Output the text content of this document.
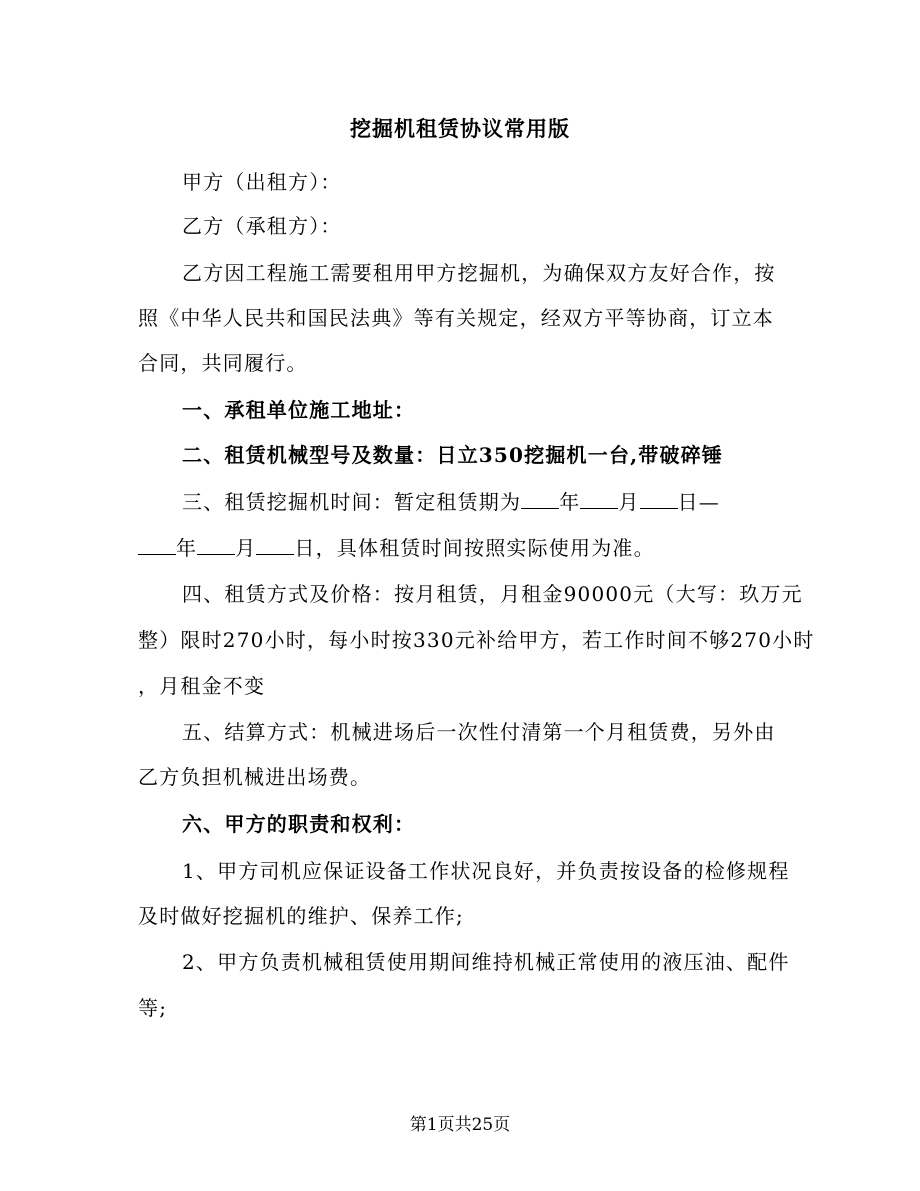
挖掘机租赁协议常用版
甲方（出租方）：
乙方（承租方）：
乙方因工程施工需要租用甲方挖掘机，为确保双方友好合作，按
照《中华人民共和国民法典》等有关规定，经双方平等协商，订立本
合同，共同履行。
一、承租单位施工地址：
二、租赁机械型号及数量：日立350挖掘机一台,带破碎锤
三、租赁挖掘机时间：暂定租赁期为 年 月 日—
年 月 日，具体租赁时间按照实际使用为准。
四、租赁方式及价格：按月租赁，月租金90000元（大写：玖万元
整）限时270小时，每小时按330元补给甲方，若工作时间不够270小时
，月租金不变
五、结算方式：机械进场后一次性付清第一个月租赁费，另外由
乙方负担机械进出场费。
六、甲方的职责和权利：
1、甲方司机应保证设备工作状况良好，并负责按设备的检修规程
及时做好挖掘机的维护、保养工作;
2、甲方负责机械租赁使用期间维持机械正常使用的液压油、配件
等;
第1页共25页
